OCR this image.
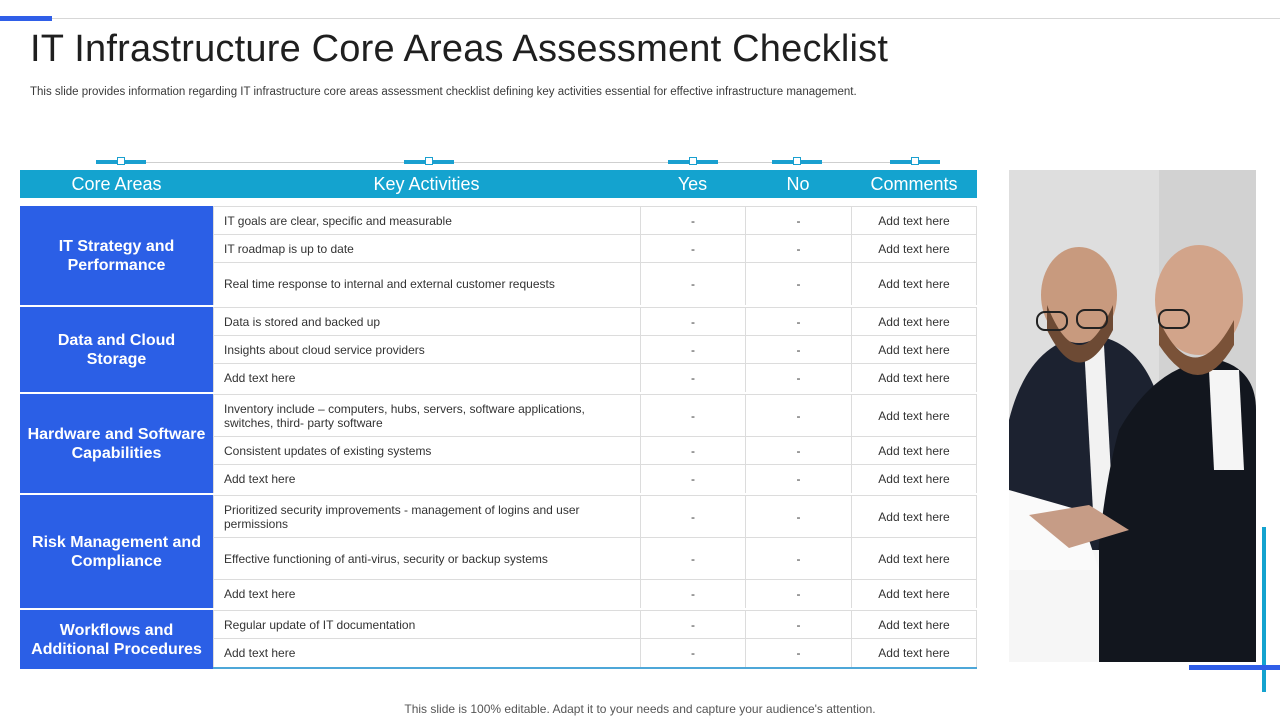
IT Infrastructure Core Areas Assessment Checklist

This slide provides information regarding IT infrastructure core areas assessment checklist defining key activities essential for effective infrastructure management.

Core Areas	Key Activities	Yes	No	Comments
IT Strategy and Performance
IT goals are clear, specific and measurable	-	-	Add text here
IT roadmap is up to date	-	-	Add text here
Real time response to internal and external customer requests	-	-	Add text here
Data and Cloud Storage
Data is stored and backed up	-	-	Add text here
Insights about cloud service providers	-	-	Add text here
Add text here	-	-	Add text here
Hardware and Software Capabilities
Inventory include – computers, hubs, servers, software applications, switches, third- party software	-	-	Add text here
Consistent updates of existing systems	-	-	Add text here
Add text here	-	-	Add text here
Risk Management and Compliance
Prioritized security improvements - management of logins and user permissions	-	-	Add text here
Effective functioning of anti-virus, security or backup systems	-	-	Add text here
Add text here	-	-	Add text here
Workflows and Additional Procedures
Regular update of IT documentation	-	-	Add text here
Add text here	-	-	Add text here
This slide is 100% editable. Adapt it to your needs and capture your audience's attention.
